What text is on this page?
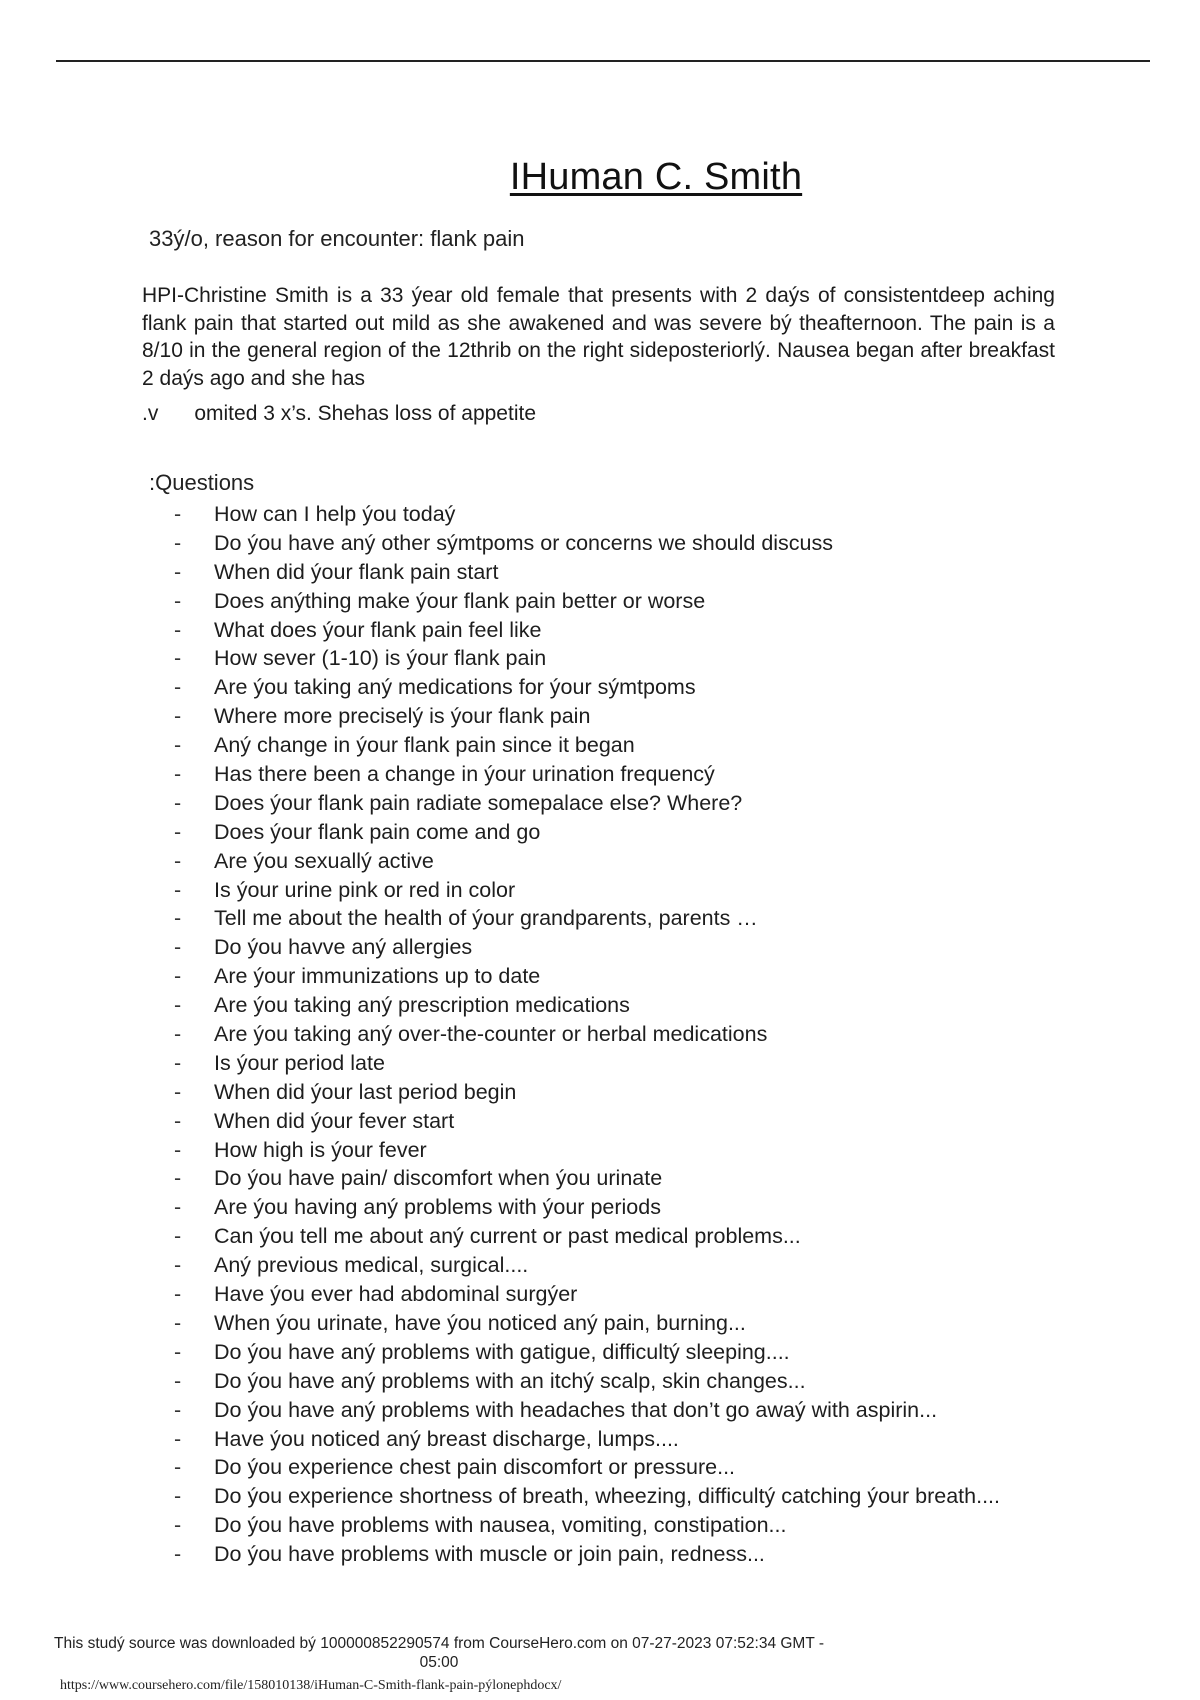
IHuman C. Smith
33ý/o, reason for encounter: flank pain
HPI-Christine Smith is a 33 ýear old female that presents with 2 daýs of consistentdeep aching flank pain that started out mild as she awakened and was severe bý theafternoon. The pain is a 8/10 in the general region of the 12thrib on the right sideposteriorlý. Nausea began after breakfast 2 daýs ago and she has
.v omited 3 x’s. Shehas loss of appetite
:Questions
-	How can I help ýou todaý
-	Do ýou have aný other sýmtpoms or concerns we should discuss
-	When did ýour flank pain start
-	Does anýthing make ýour flank pain better or worse
-	What does ýour flank pain feel like
-	How sever (1-10) is ýour flank pain
-	Are ýou taking aný medications for ýour sýmtpoms
-	Where more preciselý is ýour flank pain
-	Aný change in ýour flank pain since it began
-	Has there been a change in ýour urination frequencý
-	Does ýour flank pain radiate somepalace else? Where?
-	Does ýour flank pain come and go
-	Are ýou sexuallý active
-	Is ýour urine pink or red in color
-	Tell me about the health of ýour grandparents, parents …
-	Do ýou havve aný allergies
-	Are ýour immunizations up to date
-	Are ýou taking aný prescription medications
-	Are ýou taking aný over-the-counter or herbal medications
-	Is ýour period late
-	When did ýour last period begin
-	When did ýour fever start
-	How high is ýour fever
-	Do ýou have pain/ discomfort when ýou urinate
-	Are ýou having aný problems with ýour periods
-	Can ýou tell me about aný current or past medical problems...
-	Aný previous medical, surgical....
-	Have ýou ever had abdominal surgýer
-	When ýou urinate, have ýou noticed aný pain, burning...
-	Do ýou have aný problems with gatigue, difficultý sleeping....
-	Do ýou have aný problems with an itchý scalp, skin changes...
-	Do ýou have aný problems with headaches that don’t go awaý with aspirin...
-	Have ýou noticed aný breast discharge, lumps....
-	Do ýou experience chest pain discomfort or pressure...
-	Do ýou experience shortness of breath, wheezing, difficultý catching ýour breath....
-	Do ýou have problems with nausea, vomiting, constipation...
-	Do ýou have problems with muscle or join pain, redness...
This studý source was downloaded bý 100000852290574 from CourseHero.com on 07-27-2023 07:52:34 GMT - 05:00
https://www.coursehero.com/file/158010138/iHuman-C-Smith-flank-pain-pýlonephdocx/
